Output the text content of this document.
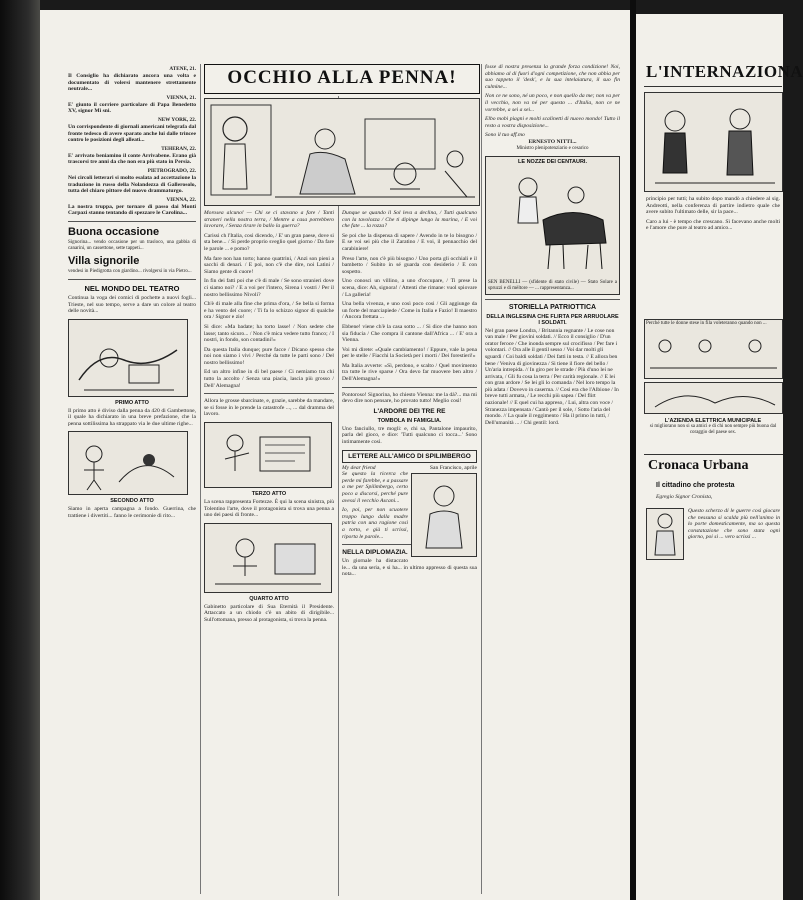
ATENE, 21.

Il Consiglio ha dichiarato ancora una volta e documentato di volersi mantenere strettamente neutrale...

VIENNA, 21.

E' giunto il corriere particolare di Papa Benedetto XV, signor Mi sni.

NEW YORK, 22.

Un corrispondente di giornali americani telegrafa dal fronte tedesco di avere sparato anche lui dalle trincee contro le posizioni degli alleati...

TEHERAN, 22.

E' arrivato beniamino il conte Arrivabene. Erano già trascorsi tre anni da che non era più stato in Persia.

PIETROGRADO, 22.

Nei circoli letterari si molto esalata ad accettazione la traduzione in russo della Nolandezza di Gallerosolo, tutta del chiaro pittore del nuovo drammaturgo.

VIENNA, 22.

La nostra truppa, per tornare di passo dai Monti Carpazi stanno tentando di spezzare le Carolina...

Buona occasione

Signorina... vendo occasione per un trasloco, una gabbia di canarini, un cassettone, sette tappeti...

Villa signorile

vendesi in Piedigrotta con giardino... rivolgersi in via Pietro...

NEL MONDO DEL TEATRO

Continua la voga dei comici di pochette a nuovi fogli... Trieste, nel suo tempo, serve a dare un colore al teatro delle novità...

PRIMO ATTO

Il primo atto è diviso dalla penna da 420 di Gambettone, il quale ha dichiarato in una breve prefazione, che la penna sottilissima ha strappato via le due ultime righe...

SECONDO ATTO

Siamo in aperta campagna a fondo. Guerrina, che trattiene i divertiti... fanno le cerimonie di rito...

OCCHIO ALLA PENNA!

Morosea alcuno! — Chi se ci stavano a fare / Tanti straneri nella nostra terra, / Mentre a casa potrebbero lavorare, / Senza tirare in ballo la guerra?

Carissi ch l'Italia, così dicendo, / E' un gran paese, dove si sta bene... / Si perde proprio sveglio quel giorno / Da fare le parole ... e pomo?

Ma fare non han torto; hanno quattrini, / Anzi son pieni a sacchi di denari. / E poi, non c'è che dire, noi Latini / Siamo gente di cuore!

In fin dei fatti poi che c'è di male / Se sono stranieri dove ci siamo noi? / E a voi per l'intero, Sirena i vostri / Per il nostro bellissimo Nivoli?

Ch'è di male alla fine che prima d'ora, / Se bella si forma e ha vento del cuore; / Ti fa lo schizzo signor di qualche ora / Signor e zio!

Si dice: «Ma badate; ha torto lasse! / Non sedete che lasse; tanto sicuro... / Non c'è mica vedere tutto franco; / I nostri, in fondo, son contadini!»

Da questa Italia dunque; pure facce / Dicano spesso che noi non siamo i vivi / Perché da tutte le parti sono / Del nostro bellissimo!

Ed un altro infine in di bel paese / Ci nemiamo tra chi tutto la accolto / Senza una piacia, lascia più grosso / Dell' Alemagna!

Allora le grosse sbarcinate, e, grazie, sarebbe da mandare, se si fosse in le prende la catastrofe ..., ... dal dramma del lavoro.

TERZO ATTO

La scena rappresenta Fortezze. È qui la scena sinistra, più Tolentino l'arte, dove il protagonista si trova una penna a uno dei paesi di fronte...

QUARTO ATTO

Gabinetto particolare di Sua Eternità il Presidente. Attaccato a un chiodo c'è un abito di dirigibile... Sull'ottomana, presso al protagonista, si trova la penna.

Dunque se quando il Sol leva a declina, / Tutti qualcuno con la tavolozza / Che ti dipinge lungo la marina, / E voi che fate ... la rozza?

Se poi che la dispensa di sapere / Avendo in te lo bisogno / E se voi sei più che il Zaratino / E voi, il pennacchio del carabiniere!

Preso l'arte, non c'è più bisogno / Uno porta gli occhiali e il bambetto / Subito in sé guarda con desiderio / E con sospetto.

Uno conosci un villino, a uno d'occupare, / Ti prese la scena, dice: Ah, signora! / Attenti che rimane: vuol spiovare / La galleria!

Una bella vivenza, e uno così poco cosi / Gli aggiunge da un forte del marciapiede / Come in Italia e Fazio! Il maestro / Ancora frettata ...

Ebbene! viene ch'è la casa sotto ... / Si dice che hanno non sia fiducia / Che compra il cantone dall'Africa ... / E' ora a Vienna.

Voi mi direte: «Quale cambiamento! / Eppure, vale la pena per le stelle / Fiacchi la Società per i morti / Dei forestieri!»

Ma Italia avverte: «Sì, perdono, e scalto / Quel movimento tra tutte le rive sparse / Ora devo far muovere ben altro / Dell'Alemagna!»

Pontoroso! Signorina, ho chiesto Vienna: me la dà?... ma mi devo dire non pensare, ho provato tutto! Meglio così!

L'ARDORE DEI TRE RE
TOMBOLA IN FAMIGLIA.

Uno fanciullo, tre mogli: e, chi sa, Pantalone impaurito, parla del gioco, e dice: 'Tutti qualcuno ci tocca...' Sono intimamente così.

LETTERE ALL'AMICO DI SPILIMBERGO
My dear friend	San Francisco, aprile

Se questo la ricerca che perde mi farebbe, e a passare a me per Spilimbergo, certo poco a discorsi, perché pure avessi il vecchio Ascani...

Io, poi, per non scuotere troppo lungo dalla madre patria con una ragione così a torto, e già ti scrissi, riporta le parole...

NELLA DIPLOMAZIA.

Un giornale ha distaccato le... da una seria, e si ha... in ultimo appresso di questa sua nota...

fosse di nostra presenza la grande forza condizione! Noi, abbiamo al di fuori d'ogni competizione, che non abbia per suo tappeto il 'desk', e la sua intelaiatura, il suo fin culmine...

Non ce ne sono, né un poco, e non quello da me; non va per il vecchio, non va né per questo ... d'Italia, non ce ne vorrebbe, a sei a sei...

Elbo mobi piagni e molti scalinetti di nuovo mondo! Tutto il resto a vostra disposizione...

Sono il tuo aff.mo

ERNESTO NITTI...
Ministro plenipotenziario e cesarico
LE NOZZE DEI CENTAURI.

SEN BENELLI — (sfidente di stato civile) — Stato Solare a spruzzi e di mèltore — ... rappresentanza...

STORIELLA PATRIOTTICA
DELLA INGLESINA CHE FLIRTA PER ARRUOLARE I SOLDATI.

Nel gran paese Londra, / Britannia regnante / Le cose non van male / Per giovini soldati. // Ecco il consiglio / D'un orator feroce / Che inonda sempre sul crocifisso / Per fare i volontari. // Ora alle il gentil sesso / Voi dar molti gli sguardi / Coi baldi soldati / Dei fatti in testa. // E allora ben bene / Veniva di giovinezza / Si tiene il fiore del bello / Un'aria intrepida. // In giro per le strade / Più d'uno lei ne arrivata, / Gli fu cosa la terra / Per carità regionale. // E lei con gran ardore / Se lei gli lo comanda / Nel loro tempo la più adata / Dovevo in caserma. // Così era che l'Albione / In breve tutti armata, / Le recchi più sapea / Del flirt nazionale! // E quel cui ha appreso, / Lui, altra con voce / Stranezza impensata / Cantò per il sole, / Sotto l'aria del mondo. // La quale il reggimento / Ha il primo in tutti, / Dell'umanità ... / Chi gentil: lord.

L'INTERNAZIONA

principio per tutti; ha subito dopo mandò a chiedere al sig. Andreotti, nella conferenza di partire indietro quale che avere subito l'ultimato delle, sir la pace...

Caro a lui - è tempo che crescano. Sì facevano anche molti e l'amore che pure al teatro ad amico...

Perché tutte le donne stese in fila voleteranno quando non ...

L'AZIENDA ELETTRICA MUNICIPALE

si migliorano non si sa amici e di chi non sempre più buona dal coraggio del paese sex.

Cronaca Urbana
Il cittadino che protesta
Egregio Signor Cronista,

Questo scherzo di le guerre così giocare che nessuna si scalda più nell'animo in lo porte domesticamente, ma so questa constatazione che sono stata ogni giorno, poi si ... vero scrissi ...
